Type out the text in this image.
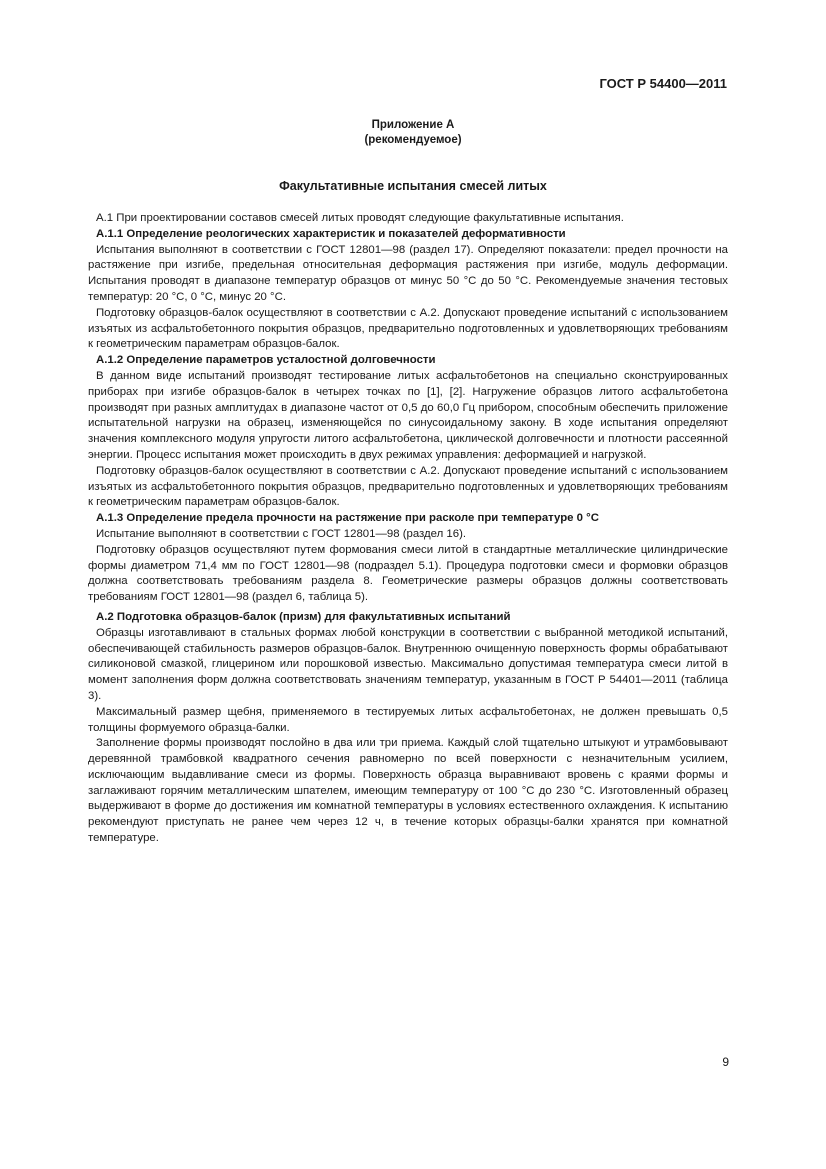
ГОСТ Р 54400—2011
Приложение А
(рекомендуемое)
Факультативные испытания смесей литых

А.1 При проектировании составов смесей литых проводят следующие факультативные испытания.

А.1.1 Определение реологических характеристик и показателей деформативности

Испытания выполняют в соответствии с ГОСТ 12801—98 (раздел 17). Определяют показатели: предел прочности на растяжение при изгибе, предельная относительная деформация растяжения при изгибе, модуль деформации. Испытания проводят в диапазоне температур образцов от минус 50 °С до 50 °С. Рекомендуемые значения тестовых температур: 20 °С, 0 °С, минус 20 °С.

Подготовку образцов-балок осуществляют в соответствии с А.2. Допускают проведение испытаний с использованием изъятых из асфальтобетонного покрытия образцов, предварительно подготовленных и удовлетворяющих требованиям к геометрическим параметрам образцов-балок.

А.1.2 Определение параметров усталостной долговечности

В данном виде испытаний производят тестирование литых асфальтобетонов на специально сконструированных приборах при изгибе образцов-балок в четырех точках по [1], [2]. Нагружение образцов литого асфальтобетона производят при разных амплитудах в диапазоне частот от 0,5 до 60,0 Гц прибором, способным обеспечить приложение испытательной нагрузки на образец, изменяющейся по синусоидальному закону. В ходе испытания определяют значения комплексного модуля упругости литого асфальтобетона, циклической долговечности и плотности рассеянной энергии. Процесс испытания может происходить в двух режимах управления: деформацией и нагрузкой.

Подготовку образцов-балок осуществляют в соответствии с А.2. Допускают проведение испытаний с использованием изъятых из асфальтобетонного покрытия образцов, предварительно подготовленных и удовлетворяющих требованиям к геометрическим параметрам образцов-балок.

А.1.3 Определение предела прочности на растяжение при расколе при температуре 0 °С

Испытание выполняют в соответствии с ГОСТ 12801—98 (раздел 16).

Подготовку образцов осуществляют путем формования смеси литой в стандартные металлические цилиндрические формы диаметром 71,4 мм по ГОСТ 12801—98 (подраздел 5.1). Процедура подготовки смеси и формовки образцов должна соответствовать требованиям раздела 8. Геометрические размеры образцов должны соответствовать требованиям ГОСТ 12801—98 (раздел 6, таблица 5).

А.2 Подготовка образцов-балок (призм) для факультативных испытаний

Образцы изготавливают в стальных формах любой конструкции в соответствии с выбранной методикой испытаний, обеспечивающей стабильность размеров образцов-балок. Внутреннюю очищенную поверхность формы обрабатывают силиконовой смазкой, глицерином или порошковой известью. Максимально допустимая температура смеси литой в момент заполнения форм должна соответствовать значениям температур, указанным в ГОСТ Р 54401—2011 (таблица 3).

Максимальный размер щебня, применяемого в тестируемых литых асфальтобетонах, не должен превышать 0,5 толщины формуемого образца-балки.

Заполнение формы производят послойно в два или три приема. Каждый слой тщательно штыкуют и утрамбовывают деревянной трамбовкой квадратного сечения равномерно по всей поверхности с незначительным усилием, исключающим выдавливание смеси из формы. Поверхность образца выравнивают вровень с краями формы и заглаживают горячим металлическим шпателем, имеющим температуру от 100 °С до 230 °С. Изготовленный образец выдерживают в форме до достижения им комнатной температуры в условиях естественного охлаждения. К испытанию рекомендуют приступать не ранее чем через 12 ч, в течение которых образцы-балки хранятся при комнатной температуре.

9
